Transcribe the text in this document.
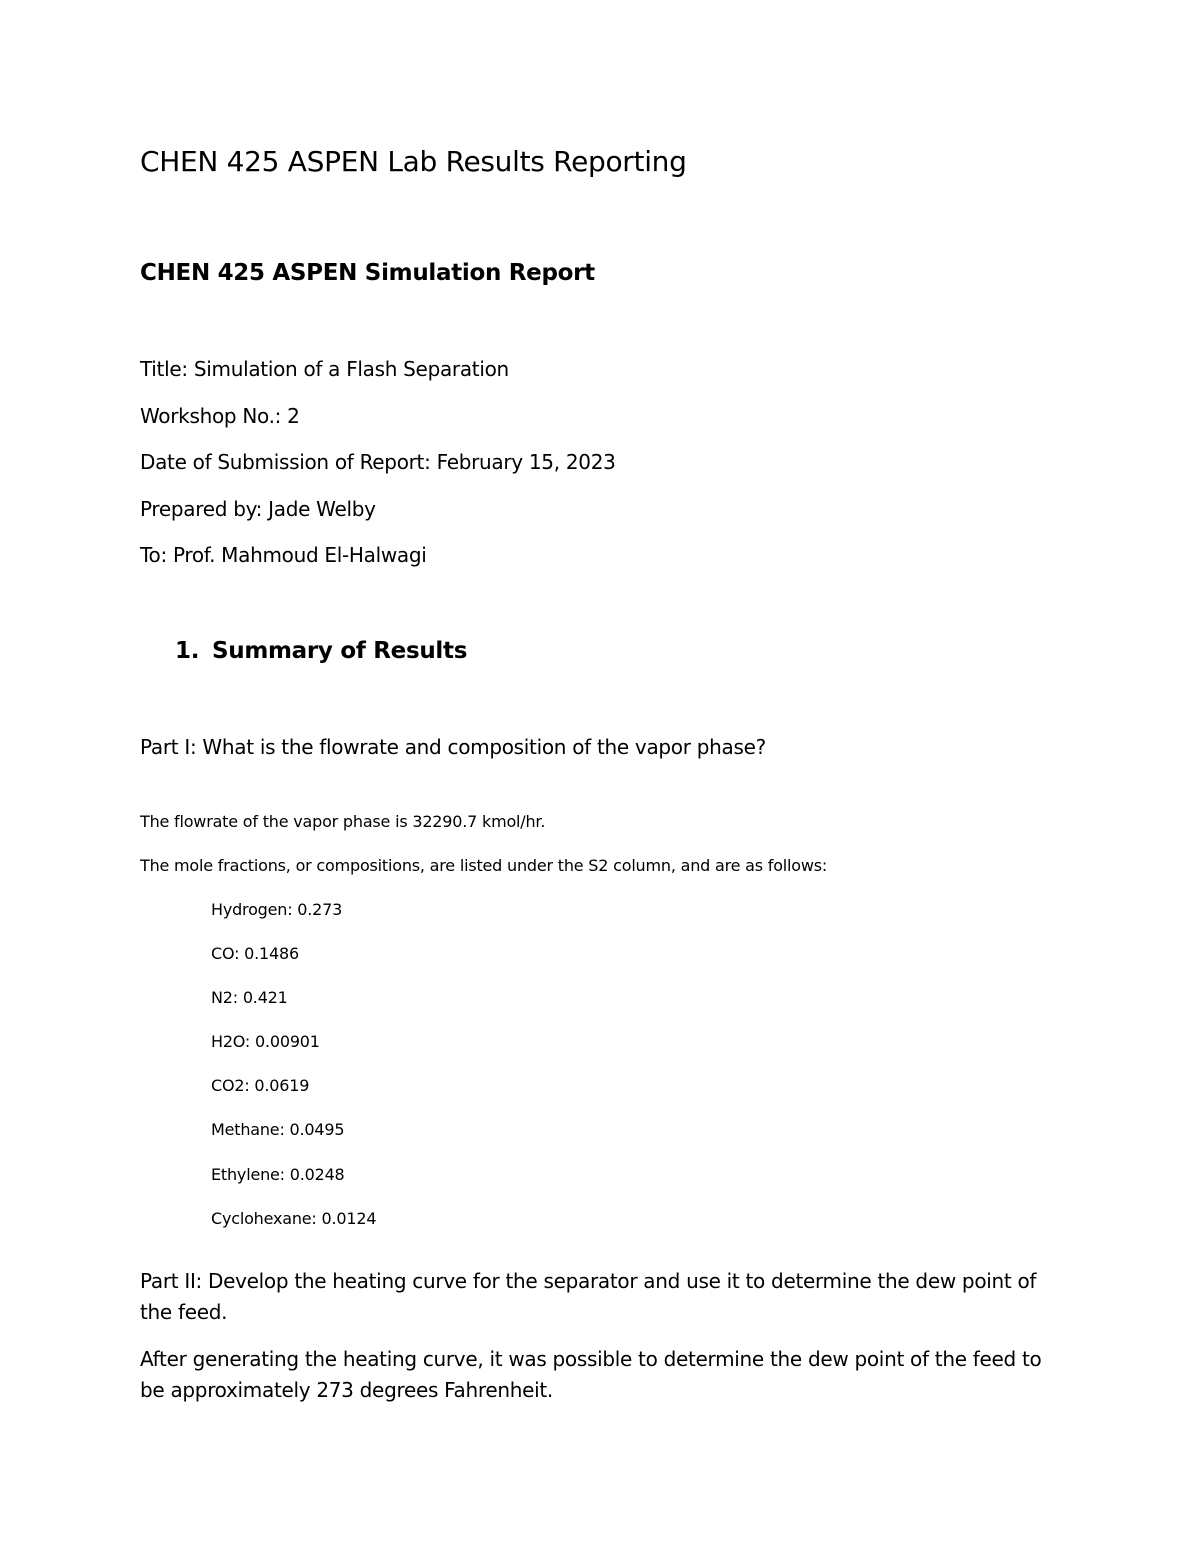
CHEN 425 ASPEN Lab Results Reporting
CHEN 425 ASPEN Simulation Report
Title: Simulation of a Flash Separation
Workshop No.: 2
Date of Submission of Report: February 15, 2023
Prepared by: Jade Welby
To: Prof. Mahmoud El-Halwagi
1. Summary of Results
Part I: What is the flowrate and composition of the vapor phase?
The flowrate of the vapor phase is 32290.7 kmol/hr.
The mole fractions, or compositions, are listed under the S2 column, and are as follows:
Hydrogen: 0.273
CO: 0.1486
N2: 0.421
H2O: 0.00901
CO2: 0.0619
Methane: 0.0495
Ethylene: 0.0248
Cyclohexane: 0.0124
Part II: Develop the heating curve for the separator and use it to determine the dew point of the feed.
After generating the heating curve, it was possible to determine the dew point of the feed to be approximately 273 degrees Fahrenheit.
